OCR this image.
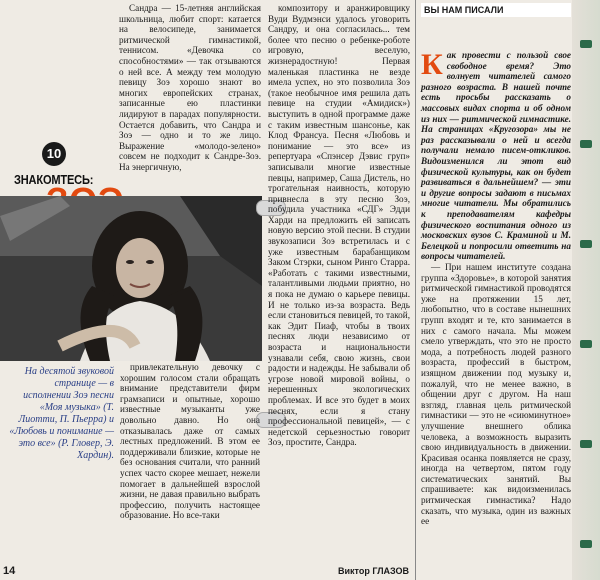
Сандра — 15-летняя английская школьница, любит спорт: катается на велосипеде, занимается ритмической гимнастикой, теннисом. «Девочка со способностями» — так отзываются о ней все. А между тем молодую певицу Зоэ хорошо знают во многих европейских странах, записанные ею пластинки лидируют в парадах популярности. Остается добавить, что Сандра и Зоэ — одно и то же лицо. Выражение «молодо-зелено» совсем не подходит к Сандре-Зоэ. На энергичную,

10
ЗНАКОМТЕСЬ:
На десятой звуковой странице — в исполнении Зоэ песни «Моя музыка» (Т. Лиотти, П. Пьерра) и «Любовь и понимание — это все» (Р. Гловер, Э. Хардин).

привлекательную девочку с хорошим голосом стали обращать внимание представители фирм грамзаписи и опытные, хорошо известные музыканты уже довольно давно. Но она отказывалась даже от самых лестных предложений. В этом ее поддерживали близкие, которые не без основания считали, что ранний успех часто скорее мешает, нежели помогает в дальнейшей взрослой жизни, не давая правильно выбрать профессию, получить настоящее образование. Но все-таки

композитору и аранжировщику Вуди Вудмэнси удалось уговорить Сандру, и она согласилась... тем более что песню о ребенке-роботе игровую, веселую, жизнерадостную! Первая маленькая пластинка не везде имела успех, но это позволила Зоэ (такое необычное имя решила дать певице на студии «Амидиск») выступить в одной программе даже с таким известным шансонье, как Клод Франсуа. Песня «Любовь и понимание — это все» из репертуара «Спэнсер Дэвис груп» записывали многие известные певцы, например, Саша Дистель, но трогательная наивность, которую привнесла в эту песню Зоэ, побудила участника «СДГ» Эдди Харди на предложить ей записать новую версию этой песни. В студии звукозаписи Зоэ встретилась и с уже известным барабанщиком Заком Стэрки, сыном Ринго Старра. «Работать с такими известными, талантливыми людьми приятно, но я пока не думаю о карьере певицы. И не только из-за возраста. Ведь если становиться певицей, то такой, как Эдит Пиаф, чтобы в твоих песнях люди независимо от возраста и национальности узнавали себя, свою жизнь, свои радости и надежды. Не забывали об угрозе новой мировой войны, о нерешенных экологических проблемах. И все это будет в моих песнях, если я стану профессиональной певицей», — с недетской серьезностью говорит Зоэ, простите, Сандра.

Виктор ГЛАЗОВ
ВЫ НАМ ПИСАЛИ
К ак провести с пользой свое свободное время? Это волнует читателей самого разного возраста. В нашей почте есть просьбы рассказать о массовых видах спорта и об одном из них — ритмической гимнастике. На страницах «Кругозора» мы не раз рассказывали о ней и всегда получали немало писем-откликов. Видоизменился ли этот вид физической культуры, как он будет развиваться в дальнейшем? — эти и другие вопросы задают в письмах многие читатели. Мы обратились к преподавателям кафедры физического воспитания одного из московских вузов С. Краминой и М. Белецкой и попросили ответить на вопросы читателей.

— При нашем институте создана группа «Здоровье», в которой занятия ритмической гимнастикой проводятся уже на протяжении 15 лет, любопытно, что в составе нынешних групп входят и те, кто занимается в них с самого начала. Мы можем смело утверждать, что это не просто мода, а потребность людей разного возраста, профессий в быстром, изящном движении под музыку и, пожалуй, что не менее важно, в общении друг с другом. На наш взгляд, главная цель ритмической гимнастики — это не «сиюминутное» улучшение внешнего облика человека, а возможность выразить свою индивидуальность в движении. Красивая осанка появляется не сразу, иногда на четвертом, пятом году систематических занятий. Вы спрашиваете: как видоизменилась ритмическая гимнастика? Надо сказать, что музыка, один из важных ее

14
